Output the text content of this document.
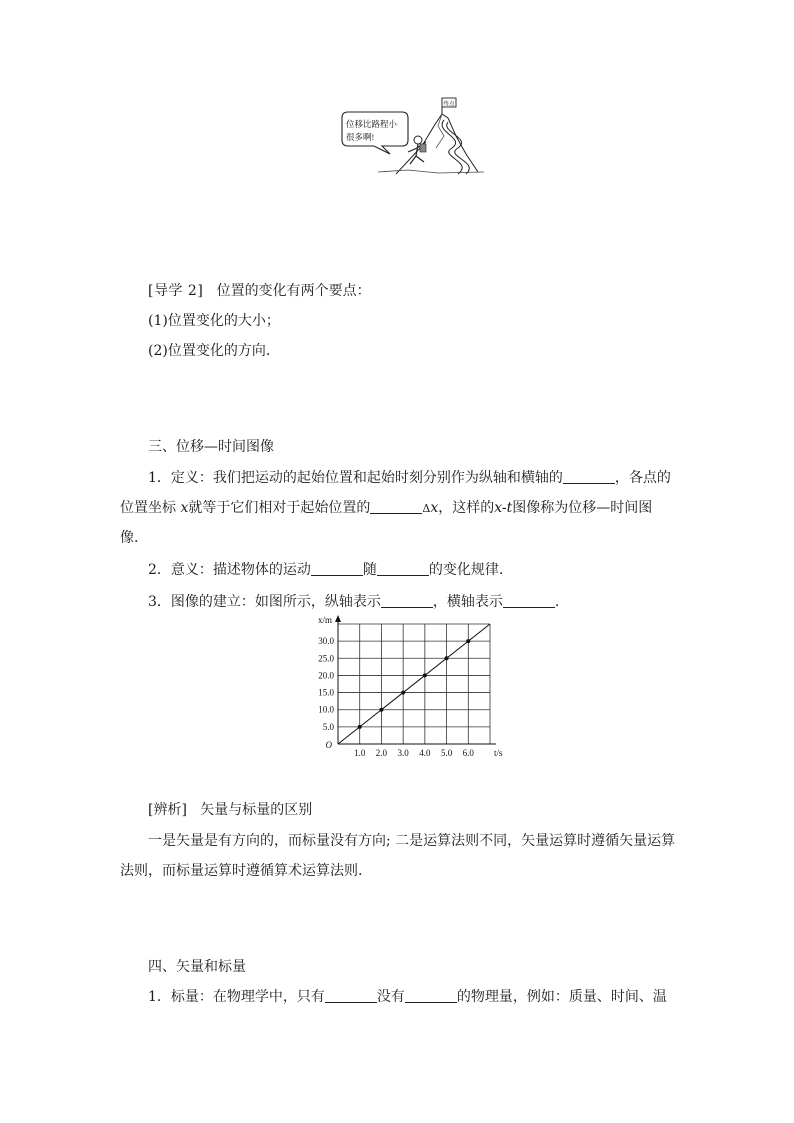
位移比路程小
很多啊!
终点
[导学 2] 位置的变化有两个要点：
(1)位置变化的大小；
(2)位置变化的方向.
三、位移—时间图像
1．定义：我们把运动的起始位置和起始时刻分别作为纵轴和横轴的	，各点的
位置坐标 x就等于它们相对于起始位置的	Δx，这样的x-t图像称为位移—时间图
像.
2．意义：描述物体的运动	随	的变化规律.
3．图像的建立：如图所示，纵轴表示	，横轴表示	.
1.0 2.0 3.0 4.0 5.0 6.0
5.0
10.0
15.0
20.0
25.0
30.0
O
x/m
t/s
[辨析] 矢量与标量的区别
一是矢量是有方向的，而标量没有方向; 二是运算法则不同，矢量运算时遵循矢量运算
法则，而标量运算时遵循算术运算法则.
四、矢量和标量
1．标量：在物理学中，只有	没有	的物理量，例如：质量、时间、温
